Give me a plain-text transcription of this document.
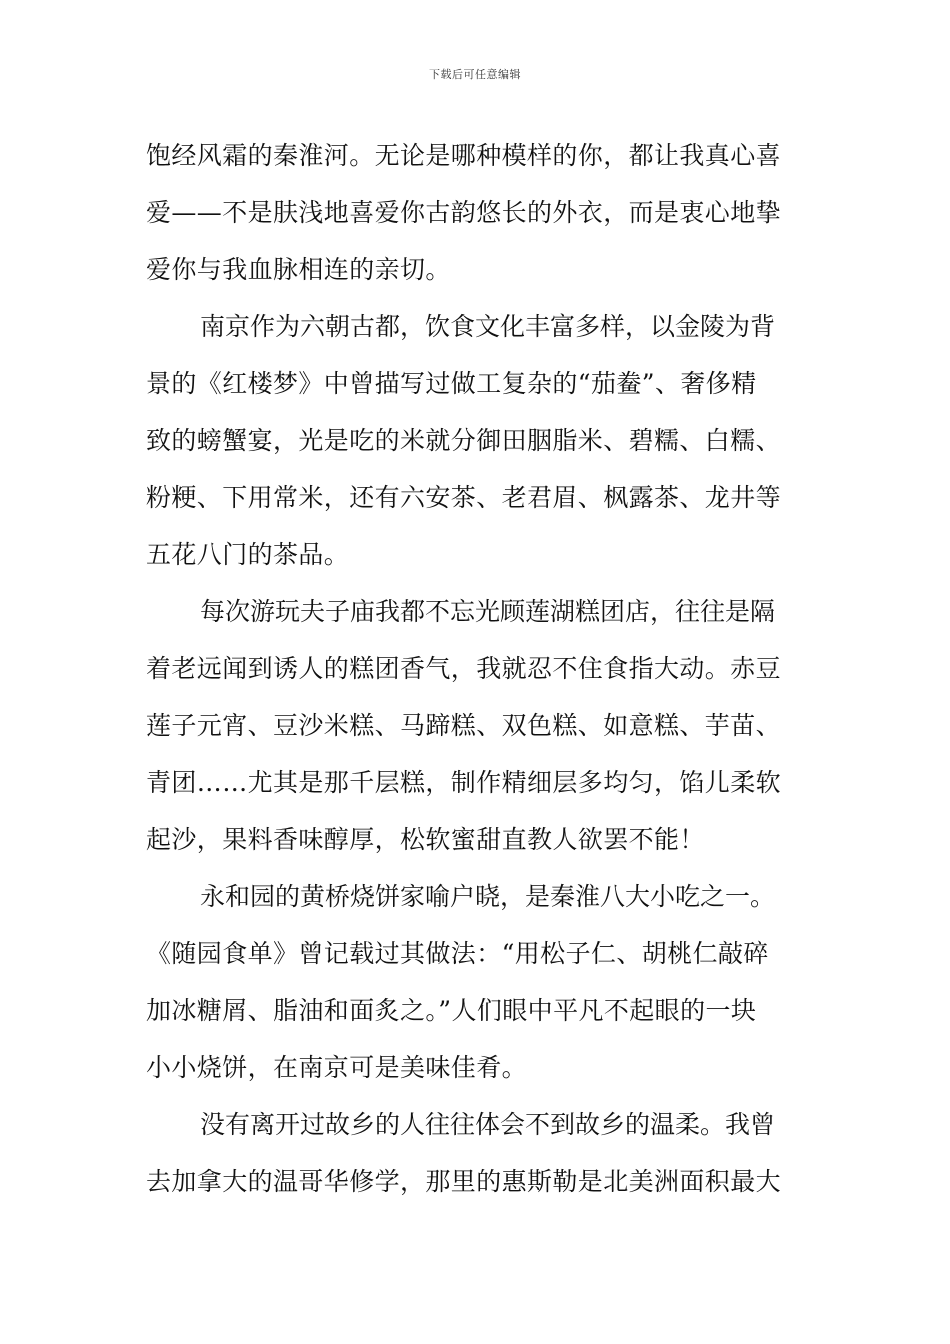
下载后可任意编辑
饱经风霜的秦淮河。无论是哪种模样的你，都让我真心喜
爱——不是肤浅地喜爱你古韵悠长的外衣，而是衷心地挚
爱你与我血脉相连的亲切。
南京作为六朝古都，饮食文化丰富多样，以金陵为背
景的《红楼梦》中曾描写过做工复杂的“茄鲞”、奢侈精
致的螃蟹宴，光是吃的米就分御田胭脂米、碧糯、白糯、
粉粳、下用常米，还有六安茶、老君眉、枫露茶、龙井等
五花八门的茶品。
每次游玩夫子庙我都不忘光顾莲湖糕团店，往往是隔
着老远闻到诱人的糕团香气，我就忍不住食指大动。赤豆
莲子元宵、豆沙米糕、马蹄糕、双色糕、如意糕、芋苗、
青团……尤其是那千层糕，制作精细层多均匀，馅儿柔软
起沙，果料香味醇厚，松软蜜甜直教人欲罢不能！
永和园的黄桥烧饼家喻户晓，是秦淮八大小吃之一。
《随园食单》曾记载过其做法：“用松子仁、胡桃仁敲碎
加冰糖屑、脂油和面炙之。”人们眼中平凡不起眼的一块
小小烧饼，在南京可是美味佳肴。
没有离开过故乡的人往往体会不到故乡的温柔。我曾
去加拿大的温哥华修学，那里的惠斯勒是北美洲面积最大
